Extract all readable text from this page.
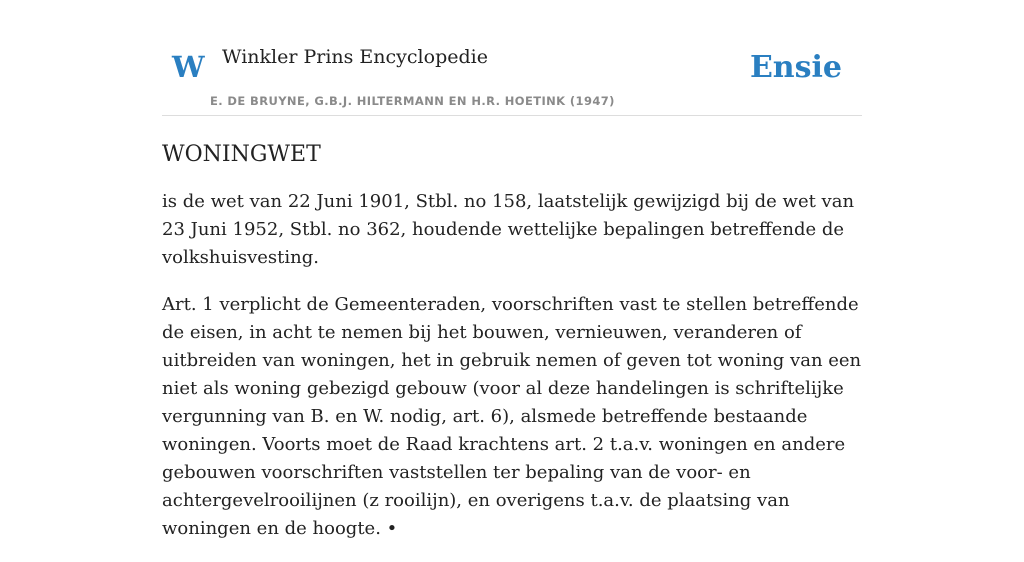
W Winkler Prins Encyclopedie
E. DE BRUYNE, G.B.J. HILTERMANN EN H.R. HOETINK (1947)
Ensie
WONINGWET

is de wet van 22 Juni 1901, Stbl. no 158, laatstelijk gewijzigd bij de wet van 23 Juni 1952, Stbl. no 362, houdende wettelijke bepalingen betreffende de volkshuisvesting.

Art. 1 verplicht de Gemeenteraden, voorschriften vast te stellen betreffende de eisen, in acht te nemen bij het bouwen, vernieuwen, veranderen of uitbreiden van woningen, het in gebruik nemen of geven tot woning van een niet als woning gebezigd gebouw (voor al deze handelingen is schriftelijke vergunning van B. en W. nodig, art. 6), alsmede betreffende bestaande woningen. Voorts moet de Raad krachtens art. 2 t.a.v. woningen en andere gebouwen voorschriften vaststellen ter bepaling van de voor- en achtergevelrooilijnen (z rooilijn), en overigens t.a.v. de plaatsing van woningen en de hoogte. •
